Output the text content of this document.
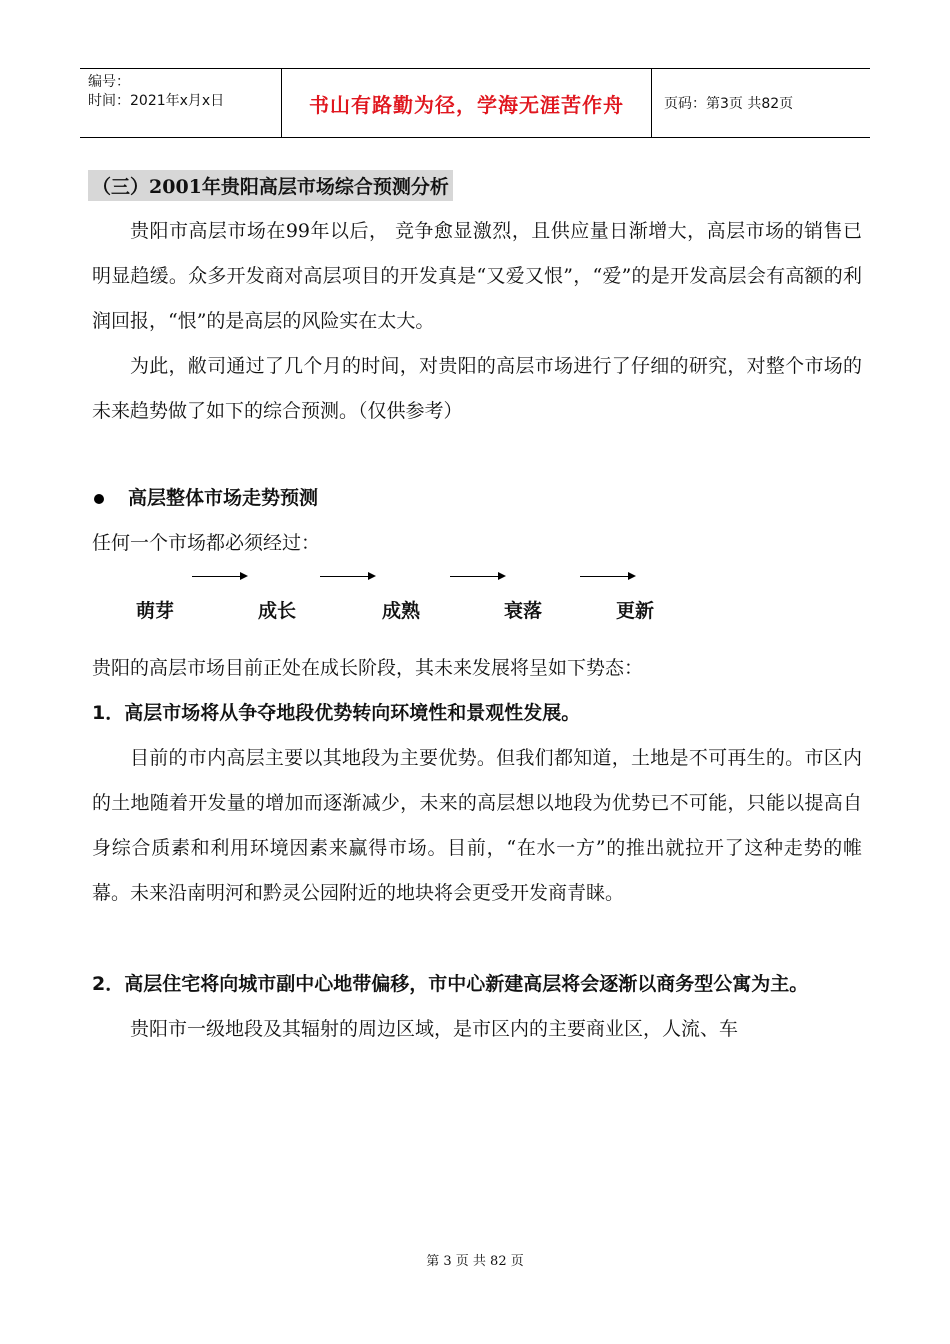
编号：
时间：2021年x月x日	书山有路勤为径，学海无涯苦作舟	页码：第3页 共82页
（三）2001年贵阳高层市场综合预测分析

贵阳市高层市场在99年以后， 竞争愈显激烈，且供应量日渐增大，高层市场的销售已明显趋缓。众多开发商对高层项目的开发真是“又爱又恨”，“爱”的是开发高层会有高额的利润回报，“恨”的是高层的风险实在太大。

为此，敝司通过了几个月的时间，对贵阳的高层市场进行了仔细的研究，对整个市场的未来趋势做了如下的综合预测。（仅供参考）

高层整体市场走势预测

任何一个市场都必须经过：

萌芽	成长	成熟	衰落	更新

贵阳的高层市场目前正处在成长阶段，其未来发展将呈如下势态：

1．高层市场将从争夺地段优势转向环境性和景观性发展。

目前的市内高层主要以其地段为主要优势。但我们都知道，土地是不可再生的。市区内的土地随着开发量的增加而逐渐减少，未来的高层想以地段为优势已不可能，只能以提高自身综合质素和利用环境因素来赢得市场。目前，“在水一方”的推出就拉开了这种走势的帷幕。未来沿南明河和黔灵公园附近的地块将会更受开发商青睐。

2．高层住宅将向城市副中心地带偏移，市中心新建高层将会逐渐以商务型公寓为主。

贵阳市一级地段及其辐射的周边区域，是市区内的主要商业区，人流、车

第 3 页 共 82 页
